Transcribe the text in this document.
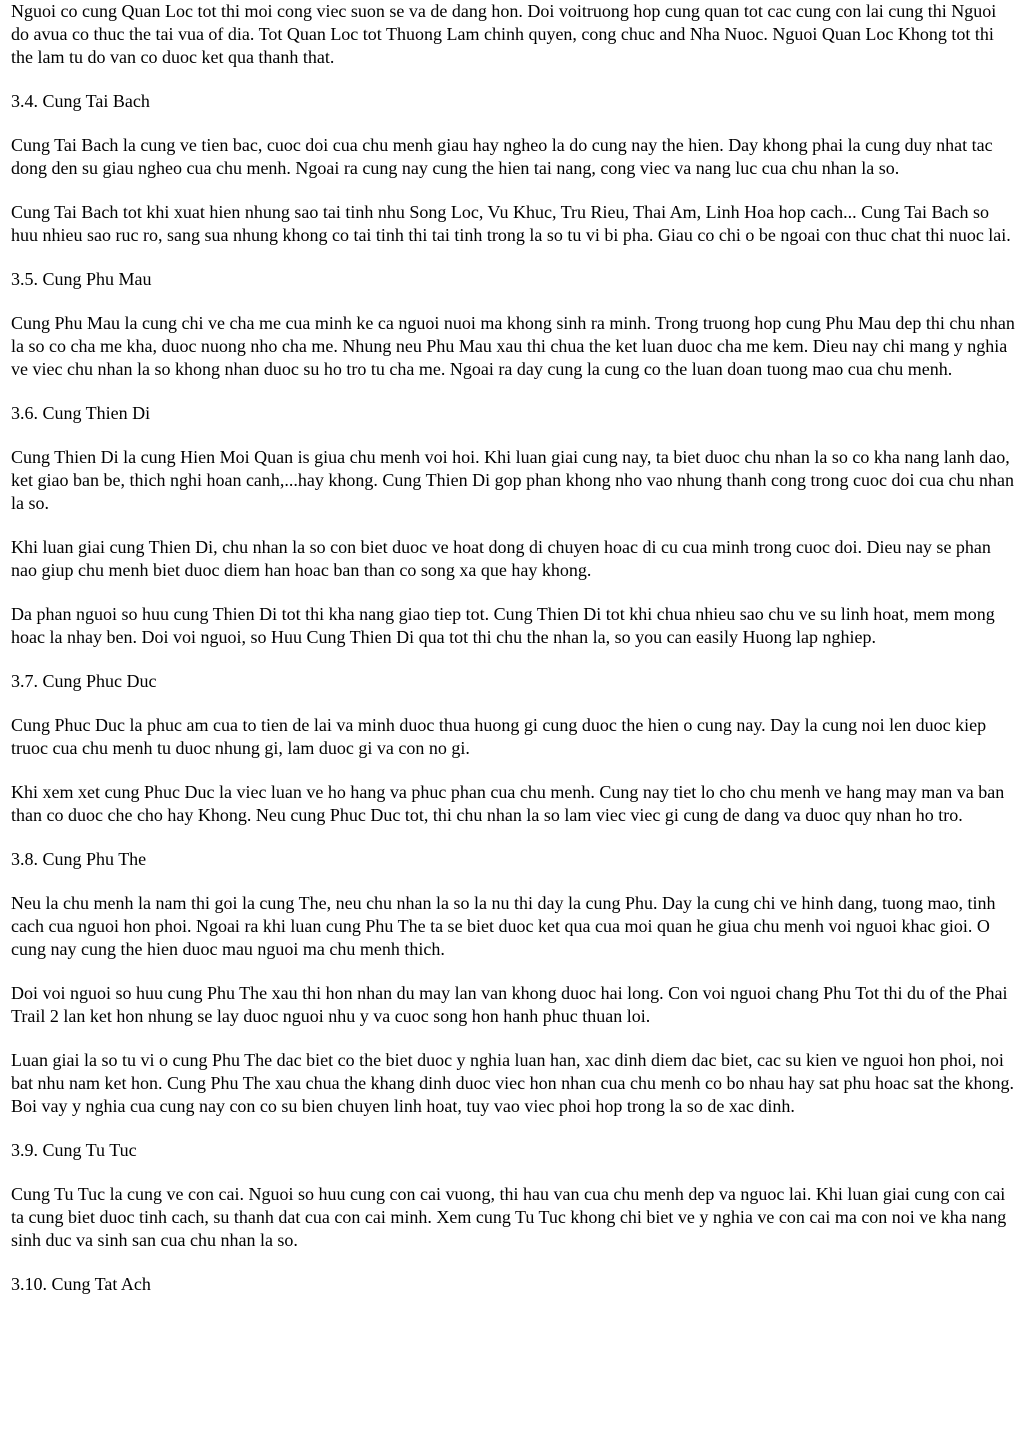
Nguoi co cung Quan Loc tot thi moi cong viec suon se va de dang hon. Doi voitruong hop cung quan tot cac cung con lai cung thi Nguoi do avua co thuc the tai vua of dia. Tot Quan Loc tot Thuong Lam chinh quyen, cong chuc and Nha Nuoc. Nguoi Quan Loc Khong tot thi the lam tu do van co duoc ket qua thanh that.

3.4. Cung Tai Bach

Cung Tai Bach la cung ve tien bac, cuoc doi cua chu menh giau hay ngheo la do cung nay the hien. Day khong phai la cung duy nhat tac dong den su giau ngheo cua chu menh. Ngoai ra cung nay cung the hien tai nang, cong viec va nang luc cua chu nhan la so.

Cung Tai Bach tot khi xuat hien nhung sao tai tinh nhu Song Loc, Vu Khuc, Tru Rieu, Thai Am, Linh Hoa hop cach... Cung Tai Bach so huu nhieu sao ruc ro, sang sua nhung khong co tai tinh thi tai tinh trong la so tu vi bi pha. Giau co chi o be ngoai con thuc chat thi nuoc lai.

3.5. Cung Phu Mau

Cung Phu Mau la cung chi ve cha me cua minh ke ca nguoi nuoi ma khong sinh ra minh. Trong truong hop cung Phu Mau dep thi chu nhan la so co cha me kha, duoc nuong nho cha me. Nhung neu Phu Mau xau thi chua the ket luan duoc cha me kem. Dieu nay chi mang y nghia ve viec chu nhan la so khong nhan duoc su ho tro tu cha me. Ngoai ra day cung la cung co the luan doan tuong mao cua chu menh.

3.6. Cung Thien Di

Cung Thien Di la cung Hien Moi Quan is giua chu menh voi hoi. Khi luan giai cung nay, ta biet duoc chu nhan la so co kha nang lanh dao, ket giao ban be, thich nghi hoan canh,...hay khong. Cung Thien Di gop phan khong nho vao nhung thanh cong trong cuoc doi cua chu nhan la so.

Khi luan giai cung Thien Di, chu nhan la so con biet duoc ve hoat dong di chuyen hoac di cu cua minh trong cuoc doi. Dieu nay se phan nao giup chu menh biet duoc diem han hoac ban than co song xa que hay khong.

Da phan nguoi so huu cung Thien Di tot thi kha nang giao tiep tot. Cung Thien Di tot khi chua nhieu sao chu ve su linh hoat, mem mong hoac la nhay ben. Doi voi nguoi, so Huu Cung Thien Di qua tot thi chu the nhan la, so you can easily Huong lap nghiep.

3.7. Cung Phuc Duc

Cung Phuc Duc la phuc am cua to tien de lai va minh duoc thua huong gi cung duoc the hien o cung nay. Day la cung noi len duoc kiep truoc cua chu menh tu duoc nhung gi, lam duoc gi va con no gi.

Khi xem xet cung Phuc Duc la viec luan ve ho hang va phuc phan cua chu menh. Cung nay tiet lo cho chu menh ve hang may man va ban than co duoc che cho hay Khong. Neu cung Phuc Duc tot, thi chu nhan la so lam viec viec gi cung de dang va duoc quy nhan ho tro.

3.8. Cung Phu The

Neu la chu menh la nam thi goi la cung The, neu chu nhan la so la nu thi day la cung Phu. Day la cung chi ve hinh dang, tuong mao, tinh cach cua nguoi hon phoi. Ngoai ra khi luan cung Phu The ta se biet duoc ket qua cua moi quan he giua chu menh voi nguoi khac gioi. O cung nay cung the hien duoc mau nguoi ma chu menh thich.

Doi voi nguoi so huu cung Phu The xau thi hon nhan du may lan van khong duoc hai long. Con voi nguoi chang Phu Tot thi du of the Phai Trail 2 lan ket hon nhung se lay duoc nguoi nhu y va cuoc song hon hanh phuc thuan loi.

Luan giai la so tu vi o cung Phu The dac biet co the biet duoc y nghia luan han, xac dinh diem dac biet, cac su kien ve nguoi hon phoi, noi bat nhu nam ket hon. Cung Phu The xau chua the khang dinh duoc viec hon nhan cua chu menh co bo nhau hay sat phu hoac sat the khong. Boi vay y nghia cua cung nay con co su bien chuyen linh hoat, tuy vao viec phoi hop trong la so de xac dinh.

3.9. Cung Tu Tuc

Cung Tu Tuc la cung ve con cai. Nguoi so huu cung con cai vuong, thi hau van cua chu menh dep va nguoc lai. Khi luan giai cung con cai ta cung biet duoc tinh cach, su thanh dat cua con cai minh. Xem cung Tu Tuc khong chi biet ve y nghia ve con cai ma con noi ve kha nang sinh duc va sinh san cua chu nhan la so.

3.10. Cung Tat Ach
